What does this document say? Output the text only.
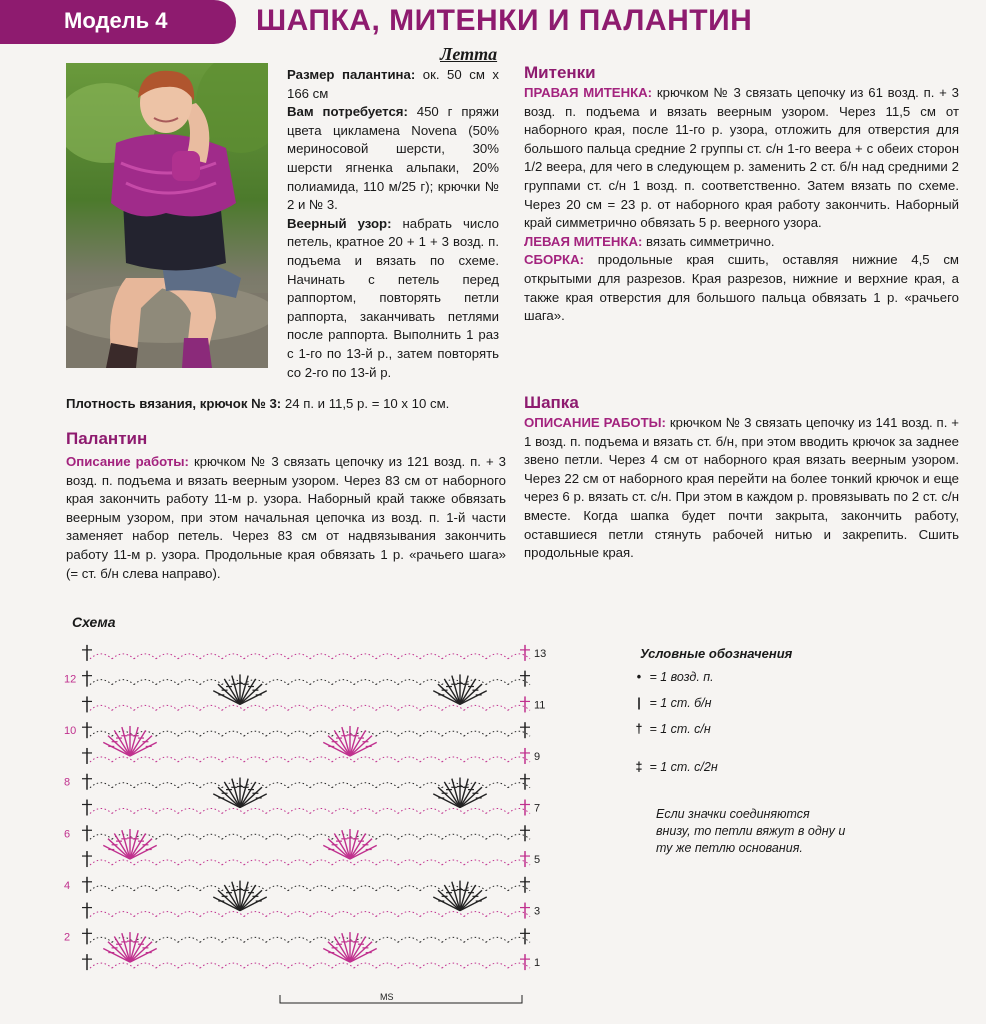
Модель 4	ШАПКА, МИТЕНКИ И ПАЛАНТИН
Летта

Размер палантина: ок. 50 см х 166 см

Вам потребуется: 450 г пряжи цвета цикламена Novena (50% мериносовой шерсти, 30% шерсти ягненка альпаки, 20% полиамида, 110 м/25 г); крючки № 2 и № 3.

Веерный узор: набрать число петель, кратное 20 + 1 + 3 возд. п. подъема и вязать по схеме. Начинать с петель перед раппортом, повторять петли раппорта, заканчивать петлями после раппорта. Выполнить 1 раз с 1-го по 13-й р., затем повторять со 2-го по 13-й р.

Плотность вязания, крючок № 3: 24 п. и 11,5 р. = 10 х 10 см.
Палантин
Описание работы: крючком № 3 связать цепочку из 121 возд. п. + 3 возд. п. подъема и вязать веерным узором. Через 83 см от наборного края закончить работу 11-м р. узора. Наборный край также обвязать веерным узором, при этом начальная цепочка из возд. п. 1-й части заменяет набор петель. Через 83 см от надвязывания закончить работу 11-м р. узора. Продольные края обвязать 1 р. «рачьего шага» (= ст. б/н слева направо).
Митенки

ПРАВАЯ МИТЕНКА: крючком № 3 связать цепочку из 61 возд. п. + 3 возд. п. подъема и вязать веерным узором. Через 11,5 см от наборного края, после 11-го р. узора, отложить для отверстия для большого пальца средние 2 группы ст. с/н 1-го веера + с обеих сторон 1/2 веера, для чего в следующем р. заменить 2 ст. б/н над средними 2 группами ст. с/н 1 возд. п. соответственно. Затем вязать по схеме. Через 20 см = 23 р. от наборного края работу закончить. Наборный край симметрично обвязать 5 р. веерного узора.

ЛЕВАЯ МИТЕНКА: вязать симметрично.

СБОРКА: продольные края сшить, оставляя нижние 4,5 см открытыми для разрезов. Края разрезов, нижние и верхние края, а также края отверстия для большого пальца обвязать 1 р. «рачьего шага».

Шапка
ОПИСАНИЕ РАБОТЫ: крючком № 3 связать цепочку из 141 возд. п. + 1 возд. п. подъема и вязать ст. б/н, при этом вводить крючок за заднее звено петли. Через 4 см от наборного края вязать веерным узором. Через 22 см от наборного края перейти на более тонкий крючок и еще через 6 р. вязать ст. с/н. При этом в каждом р. провязывать по 2 ст. с/н вместе. Когда шапка будет почти закрыта, закончить работу, оставшиеся петли стянуть рабочей нитью и закрепить. Сшить продольные края.
Схема
12
10
8
6
4
2
13
11
9
7
5
3
1
MS
Условные обозначения
• = 1 возд. п.
| = 1 ст. б/н
† = 1 ст. с/н
‡ = 1 ст. с/2н
Если значки соединяются внизу, то петли вяжут в одну и ту же петлю основания.
